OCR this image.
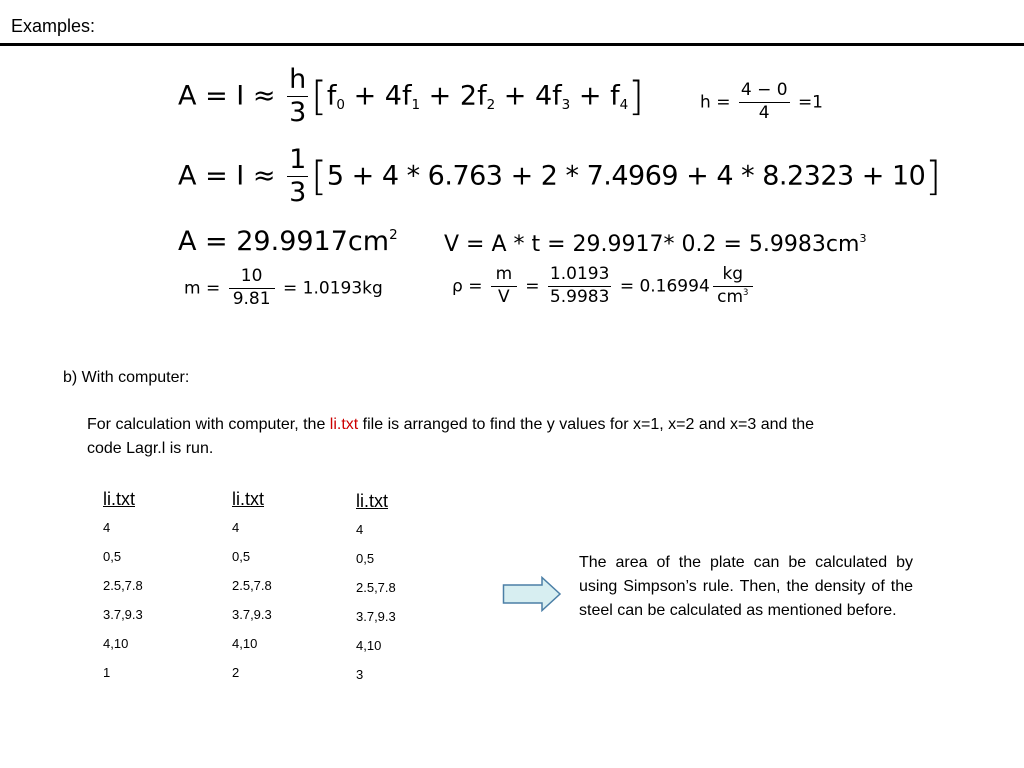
Examples:
$A = I \approx \frac{h}{3} [f_0 + 4f_1 + 2f_2 + 4f_3 + f_4]$	$h = \frac{4 - 0}{4} =1$
$A = I \approx \frac{1}{3} [5 + 4 * 6.763 + 2 * 7.4969 + 4 * 8.2323 + 10]$
$A = 29.9917cm^2$ V = A * t = 29.9917* $0.2 = 5.9983cm^3$
$m = \frac{10}{9.81} = 1.0193kg$	$\rho = \frac{m}{V} = \frac{1.0193}{5.9983} = 0.16994 \frac{kg}{cm^3}$
b) With computer:
For calculation with computer, the li.txt file is arranged to find the y values for x=1, x=2 and x=3 and the
code Lagr.l is run.
li.txt
4
0,5
2.5,7.8
3.7,9.3
4,10
1
li.txt
4
0,5
2.5,7.8
3.7,9.3
4,10
2
li.txt
4
0,5
2.5,7.8
3.7,9.3
4,10
3
The area of the plate can be calculated by using Simpson’s rule. Then, the density of the steel can be calculated as mentioned before.
